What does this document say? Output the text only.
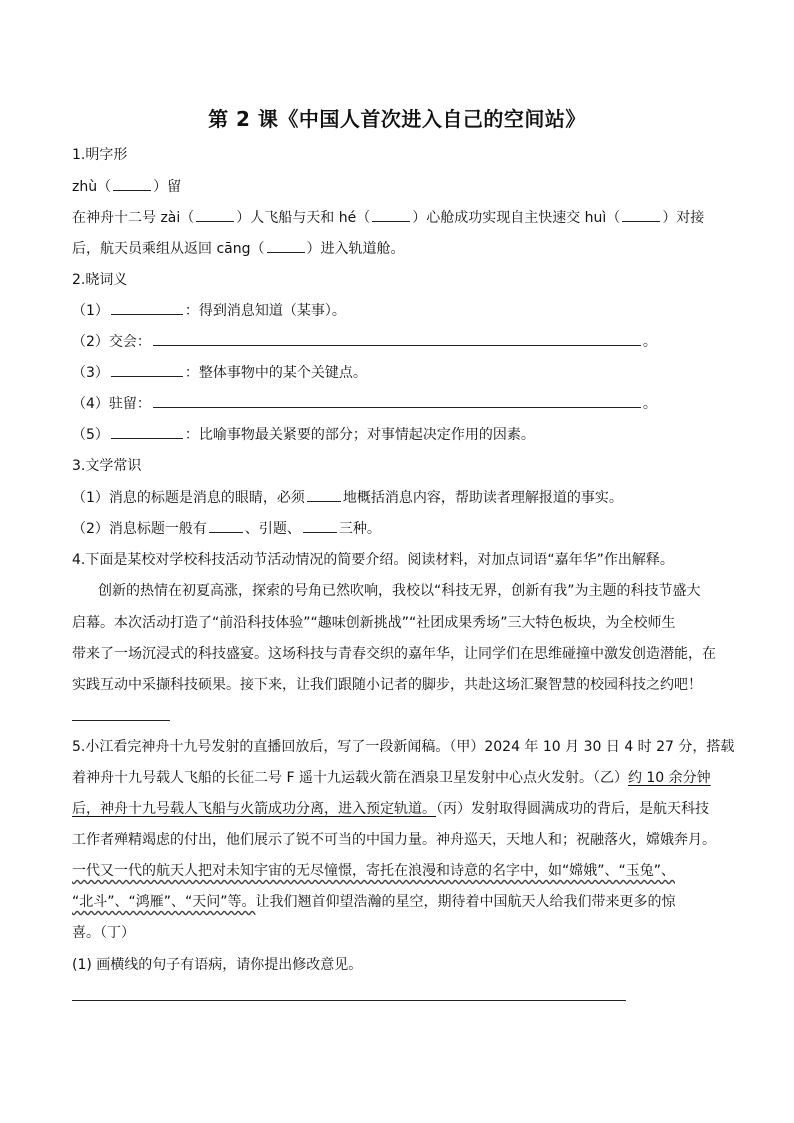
第 2 课《中国人首次进入自己的空间站》
1.明字形
zhù（	）留
在神舟十二号 zài（	）人飞船与天和 hé（	）心舱成功实现自主快速交 huì（	）对接
后，航天员乘组从返回 cāng（	）进入轨道舱。
2.晓词义
（1）	：得到消息知道（某事）。
（2）交会：	。
（3）	：整体事物中的某个关键点。
（4）驻留：	。
（5）	：比喻事物最关紧要的部分；对事情起决定作用的因素。
3.文学常识
（1）消息的标题是消息的眼睛，必须	地概括消息内容，帮助读者理解报道的事实。
（2）消息标题一般有	、引题、	三种。
4.下面是某校对学校科技活动节活动情况的简要介绍。阅读材料，对加点词语“嘉年华”作出解释。
创新的热情在初夏高涨，探索的号角已然吹响，我校以“科技无界，创新有我”为主题的科技节盛大
启幕。本次活动打造了“前沿科技体验”“趣味创新挑战”“社团成果秀场”三大特色板块，为全校师生
带来了一场沉浸式的科技盛宴。这场科技与青春交织的嘉年华，让同学们在思维碰撞中激发创造潜能，在
实践互动中采撷科技硕果。接下来，让我们跟随小记者的脚步，共赴这场汇聚智慧的校园科技之约吧！
5.小江看完神舟十九号发射的直播回放后，写了一段新闻稿。（甲）2024 年 10 月 30 日 4 时 27 分，搭载
着神舟十九号载人飞船的长征二号 F 遥十九运载火箭在酒泉卫星发射中心点火发射。（乙）约 10 余分钟
后，神舟十九号载人飞船与火箭成功分离，进入预定轨道。（丙）发射取得圆满成功的背后，是航天科技
工作者殚精竭虑的付出，他们展示了锐不可当的中国力量。神舟巡天，天地人和；祝融落火，嫦娥奔月。
一代又一代的航天人把对未知宇宙的无尽憧憬，寄托在浪漫和诗意的名字中，如“嫦娥”、“玉兔”、
“北斗”、“鸿雁”、“天问”等。让我们翘首仰望浩瀚的星空，期待着中国航天人给我们带来更多的惊
喜。（丁）
(1) 画横线的句子有语病，请你提出修改意见。
